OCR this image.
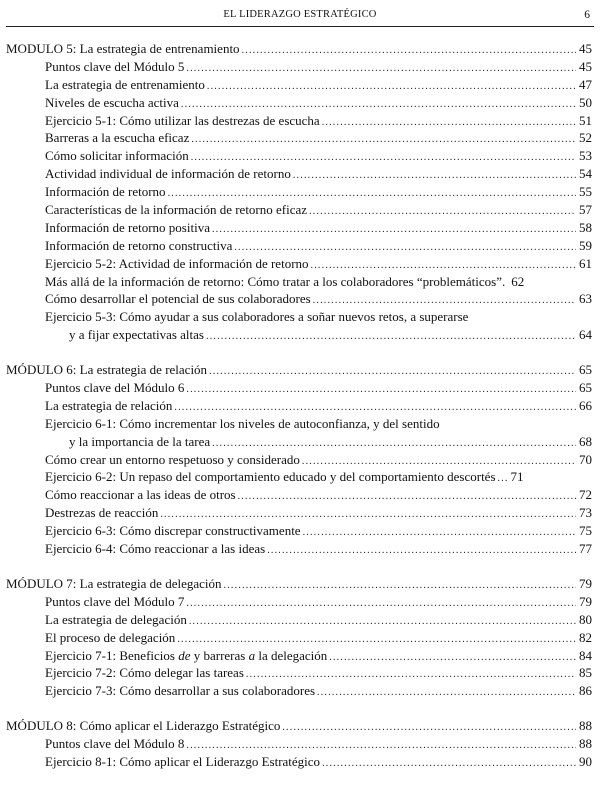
EL LIDERAZGO ESTRATÉGICO	6
MODULO 5: La estrategia de entrenamiento .....	45
Puntos clave del Módulo 5 .....	45
La estrategia de entrenamiento .....	47
Niveles de escucha activa .....	50
Ejercicio 5-1: Cómo utilizar las destrezas de escucha .....	51
Barreras a la escucha eficaz .....	52
Cómo solicitar información .....	53
Actividad individual de información de retorno .....	54
Información de retorno .....	55
Características de la información de retorno eficaz .....	57
Información de retorno positiva .....	58
Información de retorno constructiva .....	59
Ejercicio 5-2: Actividad de información de retorno .....	61
Más allá de la información de retorno: Cómo tratar a los colaboradores “problemáticos”. 62
Cómo desarrollar el potencial de sus colaboradores .....	63
Ejercicio 5-3: Cómo ayudar a sus colaboradores a soñar nuevos retos, a superarse
y a fijar expectativas altas .....	64
MÓDULO 6: La estrategia de relación .....	65
Puntos clave del Módulo 6 .....	65
La estrategia de relación .....	66
Ejercicio 6-1: Cómo incrementar los niveles de autoconfianza, y del sentido
y la importancia de la tarea .....	68
Cómo crear un entorno respetuoso y considerado .....	70
Ejercicio 6-2: Un repaso del comportamiento educado y del comportamiento descortés ..... 71
Cómo reaccionar a las ideas de otros .....	72
Destrezas de reacción .....	73
Ejercicio 6-3: Cómo discrepar constructivamente .....	75
Ejercicio 6-4: Cómo reaccionar a las ideas .....	77
MÓDULO 7: La estrategia de delegación .....	79
Puntos clave del Módulo 7 .....	79
La estrategia de delegación .....	80
El proceso de delegación .....	82
Ejercicio 7-1: Beneficios de y barreras a la delegación .....	84
Ejercicio 7-2: Cómo delegar las tareas .....	85
Ejercicio 7-3: Cómo desarrollar a sus colaboradores .....	86
MÓDULO 8: Cómo aplicar el Liderazgo Estratégico .....	88
Puntos clave del Módulo 8 .....	88
Ejercicio 8-1: Cómo aplicar el Liderazgo Estratégico .....	90
